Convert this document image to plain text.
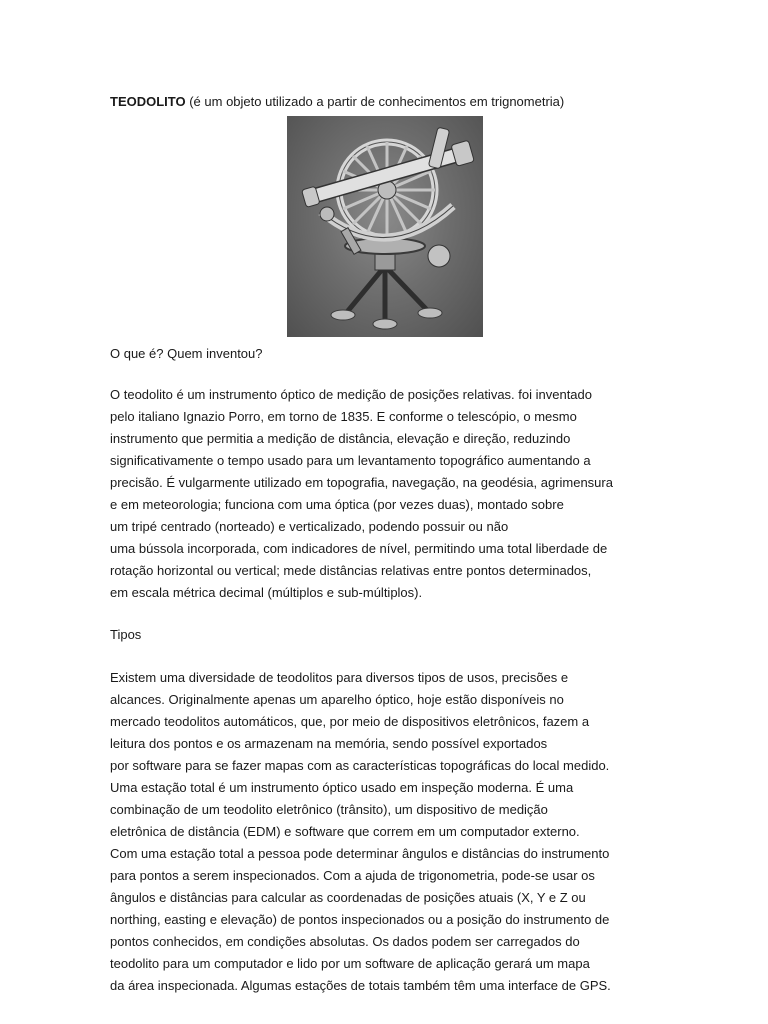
TEODOLITO (é um objeto utilizado a partir de conhecimentos em trignometria)
O que é? Quem inventou?
O teodolito é um instrumento óptico de medição de posições relativas. foi inventado
pelo italiano Ignazio Porro, em torno de 1835. E conforme o telescópio, o mesmo
instrumento que permitia a medição de distância, elevação e direção, reduzindo
significativamente o tempo usado para um levantamento topográfico aumentando a
precisão. É vulgarmente utilizado em topografia, navegação, na geodésia, agrimensura
e em meteorologia; funciona com uma óptica (por vezes duas), montado sobre
um tripé centrado (norteado) e verticalizado, podendo possuir ou não
uma bússola incorporada, com indicadores de nível, permitindo uma total liberdade de
rotação horizontal ou vertical; mede distâncias relativas entre pontos determinados,
em escala métrica decimal (múltiplos e sub-múltiplos).
Tipos
Existem uma diversidade de teodolitos para diversos tipos de usos, precisões e
alcances. Originalmente apenas um aparelho óptico, hoje estão disponíveis no
mercado teodolitos automáticos, que, por meio de dispositivos eletrônicos, fazem a
leitura dos pontos e os armazenam na memória, sendo possível exportados
por software para se fazer mapas com as características topográficas do local medido.
Uma estação total é um instrumento óptico usado em inspeção moderna. É uma
combinação de um teodolito eletrônico (trânsito), um dispositivo de medição
eletrônica de distância (EDM) e software que correm em um computador externo.
Com uma estação total a pessoa pode determinar ângulos e distâncias do instrumento
para pontos a serem inspecionados. Com a ajuda de trigonometria, pode-se usar os
ângulos e distâncias para calcular as coordenadas de posições atuais (X, Y e Z ou
northing, easting e elevação) de pontos inspecionados ou a posição do instrumento de
pontos conhecidos, em condições absolutas. Os dados podem ser carregados do
teodolito para um computador e lido por um software de aplicação gerará um mapa
da área inspecionada. Algumas estações de totais também têm uma interface de GPS.
